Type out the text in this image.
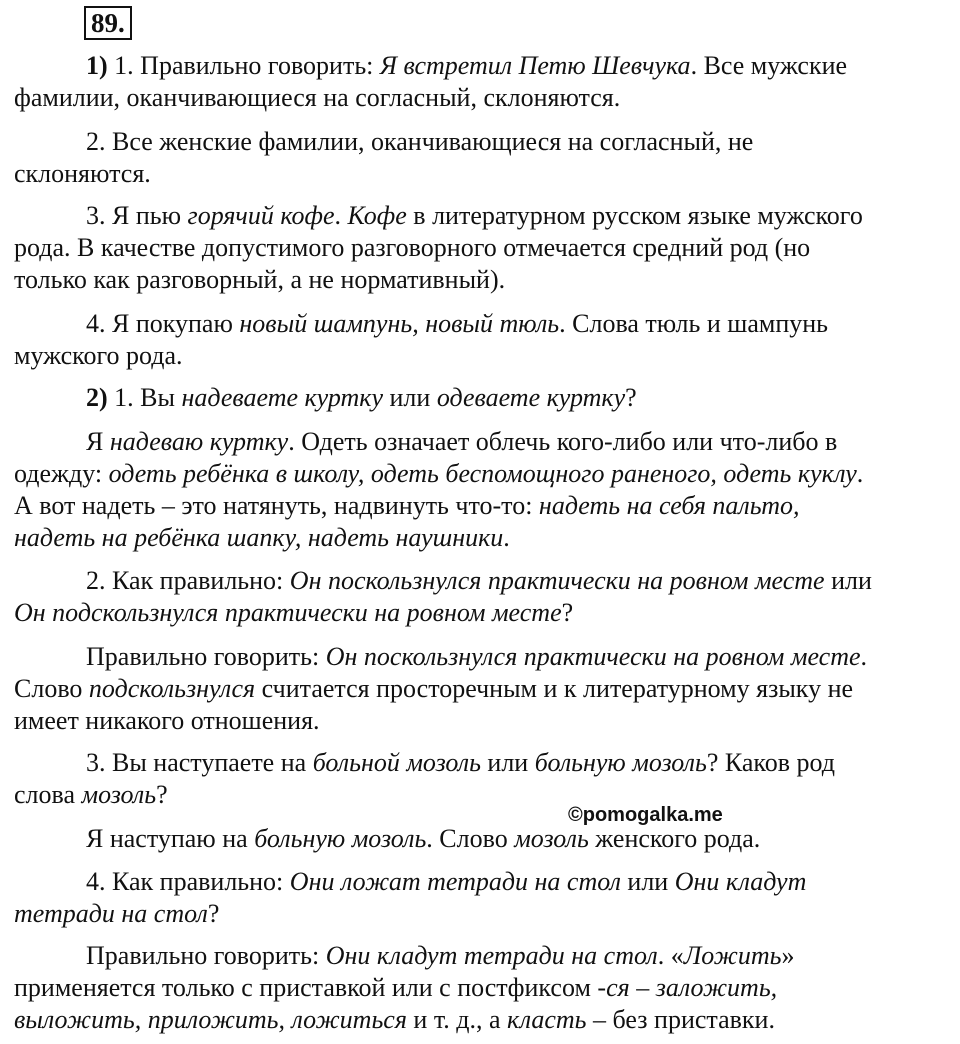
89.
1) 1. Правильно говорить: Я встретил Петю Шевчука. Все мужские
фамилии, оканчивающиеся на согласный, склоняются.
2. Все женские фамилии, оканчивающиеся на согласный, не
склоняются.
3. Я пью горячий кофе. Кофе в литературном русском языке мужского
рода. В качестве допустимого разговорного отмечается средний род (но
только как разговорный, а не нормативный).
4. Я покупаю новый шампунь, новый тюль. Слова тюль и шампунь
мужского рода.
2) 1. Вы надеваете куртку или одеваете куртку?
Я надеваю куртку. Одеть означает облечь кого-либо или что-либо в
одежду: одеть ребёнка в школу, одеть беспомощного раненого, одеть куклу.
А вот надеть – это натянуть, надвинуть что-то: надеть на себя пальто,
надеть на ребёнка шапку, надеть наушники.
2. Как правильно: Он поскользнулся практически на ровном месте или
Он подскользнулся практически на ровном месте?
Правильно говорить: Он поскользнулся практически на ровном месте.
Слово подскользнулся считается просторечным и к литературному языку не
имеет никакого отношения.
3. Вы наступаете на больной мозоль или больную мозоль? Каков род
слова мозоль?
Я наступаю на больную мозоль. Слово мозоль женского рода.
4. Как правильно: Они ложат тетради на стол или Они кладут
тетради на стол?
Правильно говорить: Они кладут тетради на стол. «Ложить»
применяется только с приставкой или с постфиксом -ся – заложить,
выложить, приложить, ложиться и т. д., а класть – без приставки.
©pomogalka.me
